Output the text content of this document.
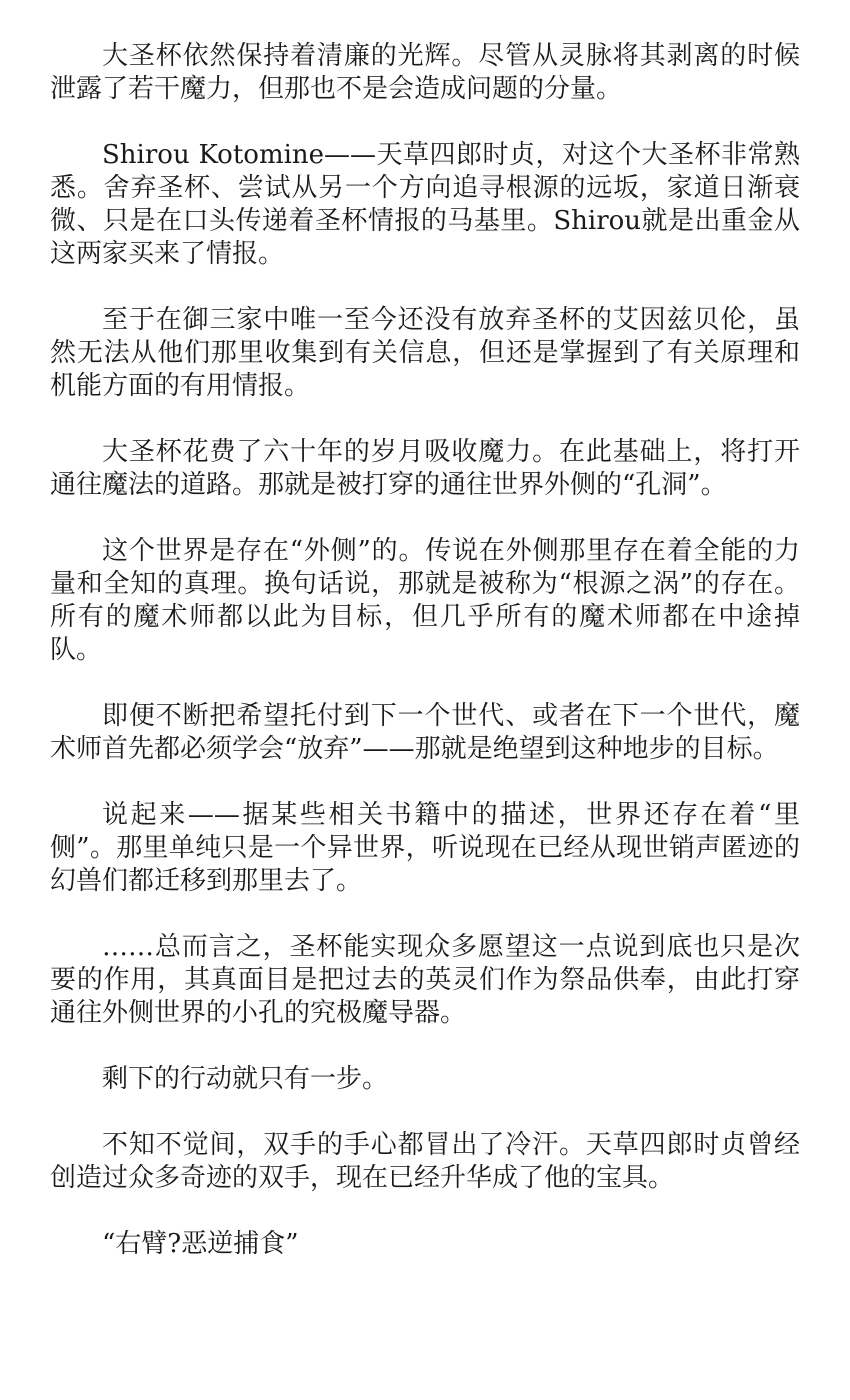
大圣杯依然保持着清廉的光辉。尽管从灵脉将其剥离的时候泄露了若干魔力，但那也不是会造成问题的分量。

Shirou Kotomine——天草四郎时贞，对这个大圣杯非常熟悉。舍弃圣杯、尝试从另一个方向追寻根源的远坂，家道日渐衰微、只是在口头传递着圣杯情报的马基里。Shirou就是出重金从这两家买来了情报。

至于在御三家中唯一至今还没有放弃圣杯的艾因兹贝伦，虽然无法从他们那里收集到有关信息，但还是掌握到了有关原理和机能方面的有用情报。

大圣杯花费了六十年的岁月吸收魔力。在此基础上，将打开通往魔法的道路。那就是被打穿的通往世界外侧的“孔洞”。

这个世界是存在“外侧”的。传说在外侧那里存在着全能的力量和全知的真理。换句话说，那就是被称为“根源之涡”的存在。所有的魔术师都以此为目标，但几乎所有的魔术师都在中途掉队。

即便不断把希望托付到下一个世代、或者在下一个世代，魔术师首先都必须学会“放弃”——那就是绝望到这种地步的目标。

说起来——据某些相关书籍中的描述，世界还存在着“里侧”。那里单纯只是一个异世界，听说现在已经从现世销声匿迹的幻兽们都迁移到那里去了。

……总而言之，圣杯能实现众多愿望这一点说到底也只是次要的作用，其真面目是把过去的英灵们作为祭品供奉，由此打穿通往外侧世界的小孔的究极魔导器。

剩下的行动就只有一步。

不知不觉间，双手的手心都冒出了冷汗。天草四郎时贞曾经创造过众多奇迹的双手，现在已经升华成了他的宝具。

“右臂?恶逆捕食”
